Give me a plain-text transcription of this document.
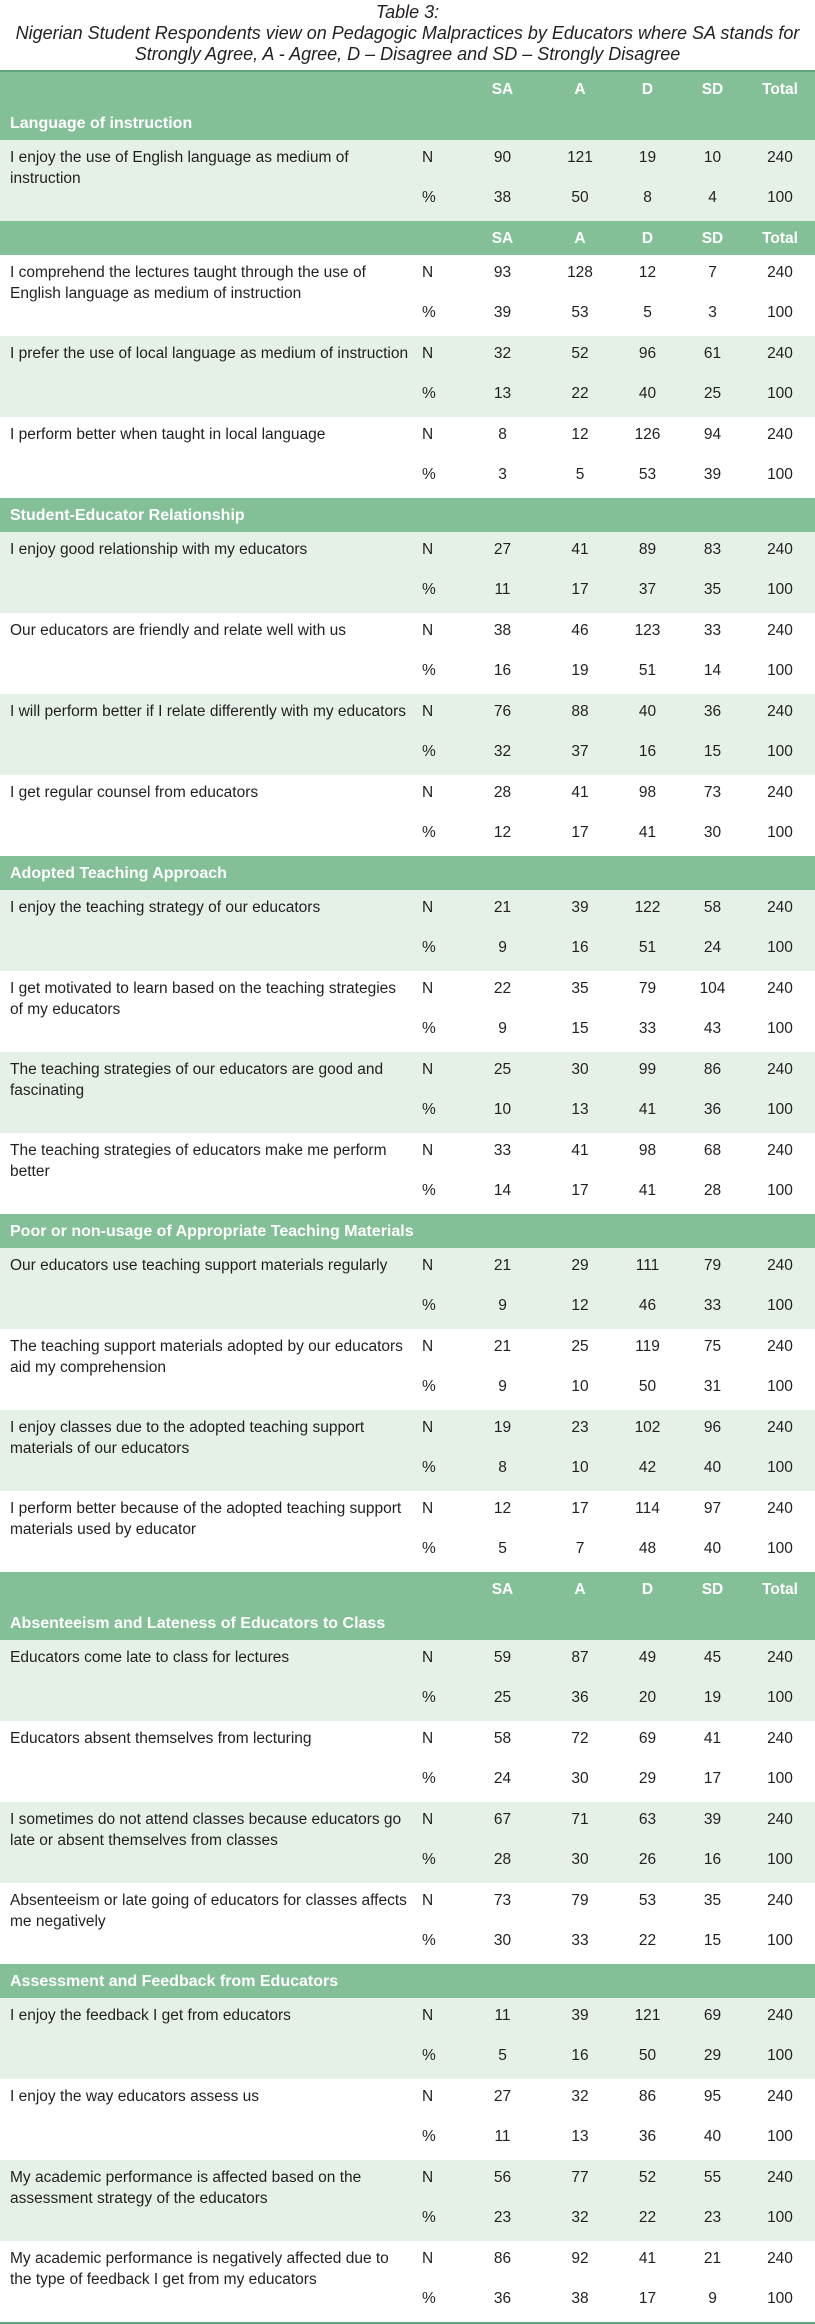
Table 3:
Nigerian Student Respondents view on Pedagogic Malpractices by Educators where SA stands for
Strongly Agree, A - Agree, D – Disagree and SD – Strongly Disagree
		SA	A	D	SD	Total
Language of instruction						
I enjoy the use of English language as medium of instruction	N	90	121	19	10	240
	%	38	50	8	4	100
		SA	A	D	SD	Total
I comprehend the lectures taught through the use of English language as medium of instruction	N	93	128	12	7	240
	%	39	53	5	3	100
I prefer the use of local language as medium of instruction	N	32	52	96	61	240
	%	13	22	40	25	100
I perform better when taught in local language	N	8	12	126	94	240
	%	3	5	53	39	100
Student-Educator Relationship						
I enjoy good relationship with my educators	N	27	41	89	83	240
	%	11	17	37	35	100
Our educators are friendly and relate well with us	N	38	46	123	33	240
	%	16	19	51	14	100
I will perform better if I relate differently with my educators	N	76	88	40	36	240
	%	32	37	16	15	100
I get regular counsel from educators	N	28	41	98	73	240
	%	12	17	41	30	100
Adopted Teaching Approach						
I enjoy the teaching strategy of our educators	N	21	39	122	58	240
	%	9	16	51	24	100
I get motivated to learn based on the teaching strategies of my educators	N	22	35	79	104	240
	%	9	15	33	43	100
The teaching strategies of our educators are good and fascinating	N	25	30	99	86	240
	%	10	13	41	36	100
The teaching strategies of educators make me perform better	N	33	41	98	68	240
	%	14	17	41	28	100
Poor or non-usage of Appropriate Teaching Materials						
Our educators use teaching support materials regularly	N	21	29	111	79	240
	%	9	12	46	33	100
The teaching support materials adopted by our educators aid my comprehension	N	21	25	119	75	240
	%	9	10	50	31	100
I enjoy classes due to the adopted teaching support materials of our educators	N	19	23	102	96	240
	%	8	10	42	40	100
I perform better because of the adopted teaching support materials used by educator	N	12	17	114	97	240
	%	5	7	48	40	100
		SA	A	D	SD	Total
Absenteeism and Lateness of Educators to Class						
Educators come late to class for lectures	N	59	87	49	45	240
	%	25	36	20	19	100
Educators absent themselves from lecturing	N	58	72	69	41	240
	%	24	30	29	17	100
I sometimes do not attend classes because educators go late or absent themselves from classes	N	67	71	63	39	240
	%	28	30	26	16	100
Absenteeism or late going of educators for classes affects me negatively	N	73	79	53	35	240
	%	30	33	22	15	100
Assessment and Feedback from Educators						
I enjoy the feedback I get from educators	N	11	39	121	69	240
	%	5	16	50	29	100
I enjoy the way educators assess us	N	27	32	86	95	240
	%	11	13	36	40	100
My academic performance is affected based on the assessment strategy of the educators	N	56	77	52	55	240
	%	23	32	22	23	100
My academic performance is negatively affected due to the type of feedback I get from my educators	N	86	92	41	21	240
	%	36	38	17	9	100
